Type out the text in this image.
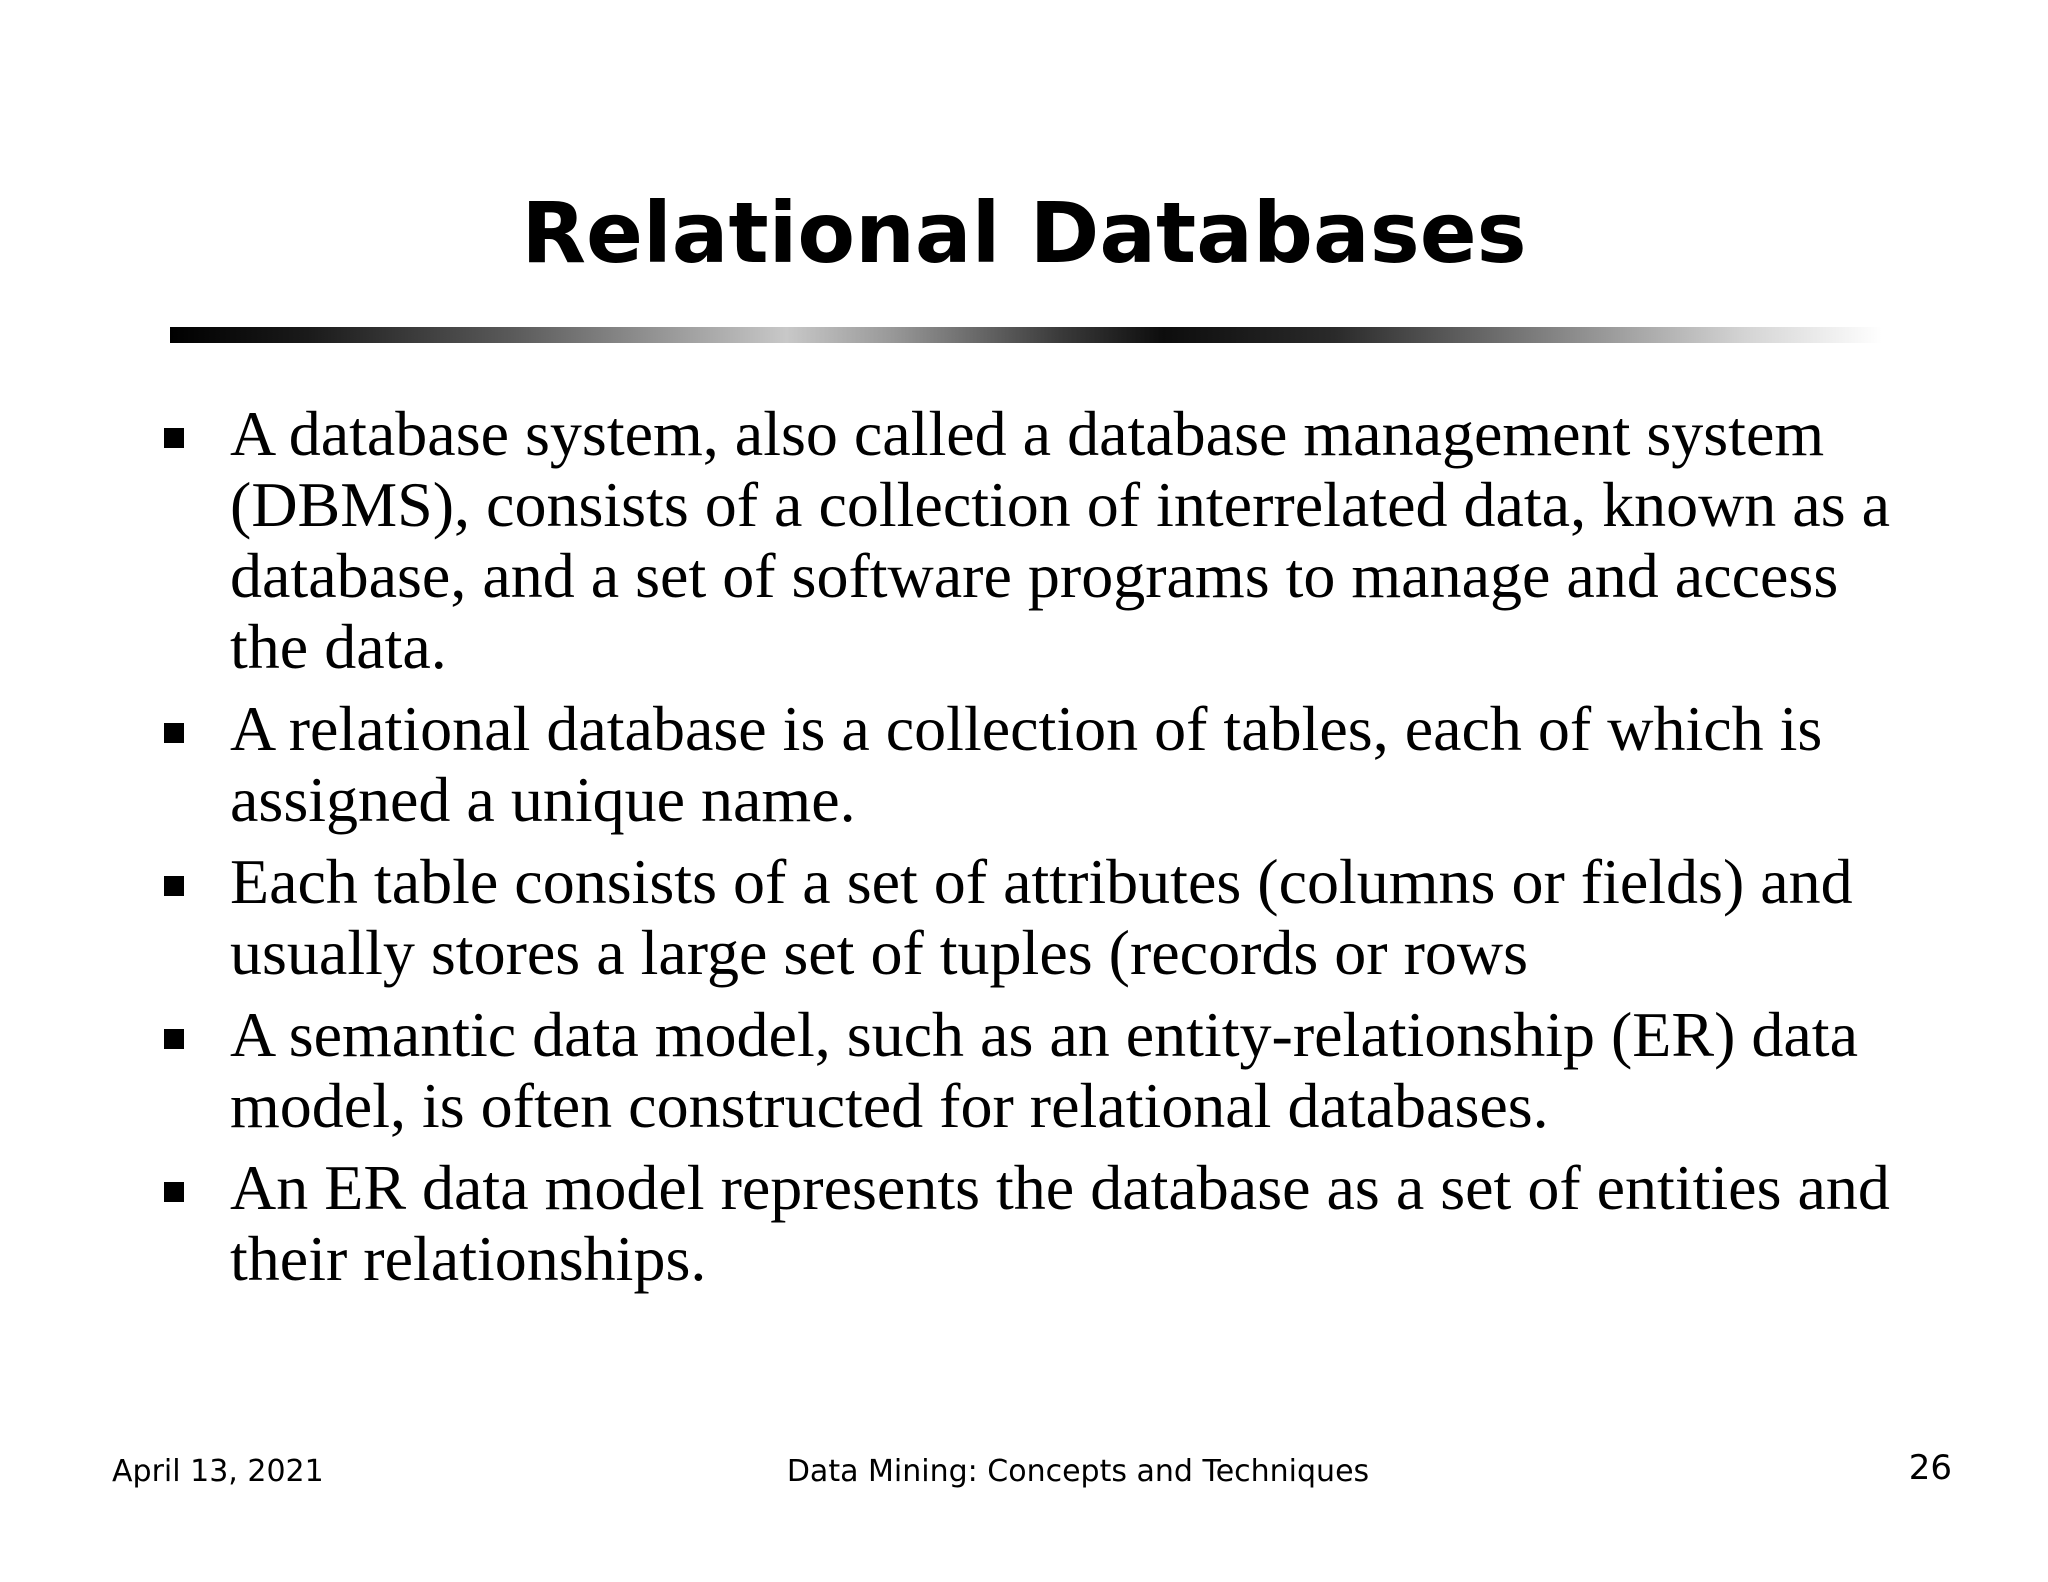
Relational Databases
A database system, also called a database management system (DBMS), consists of a collection of interrelated data, known as a database, and a set of software programs to manage and access the data.
A relational database is a collection of tables, each of which is assigned a unique name.
Each table consists of a set of attributes (columns or fields) and usually stores a large set of tuples (records or rows
A semantic data model, such as an entity-relationship (ER) data model, is often constructed for relational databases.
An ER data model represents the database as a set of entities and their relationships.
April 13, 2021	Data Mining: Concepts and Techniques	26
